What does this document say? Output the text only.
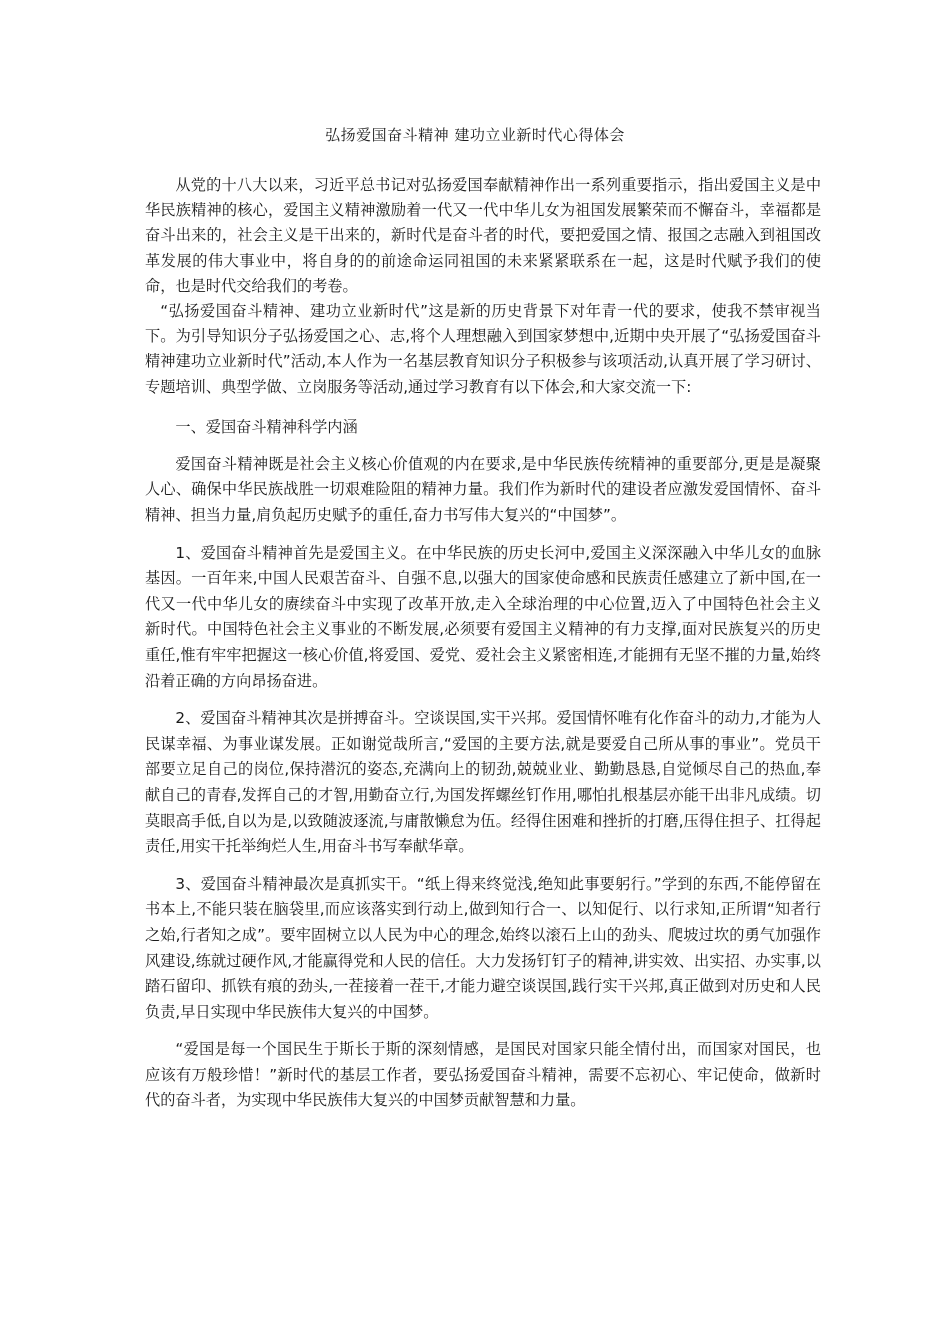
弘扬爱国奋斗精神 建功立业新时代心得体会

从党的十八大以来，习近平总书记对弘扬爱国奉献精神作出一系列重要指示，指出爱国主义是中华民族精神的核心，爱国主义精神激励着一代又一代中华儿女为祖国发展繁荣而不懈奋斗，幸福都是奋斗出来的，社会主义是干出来的，新时代是奋斗者的时代，要把爱国之情、报国之志融入到祖国改革发展的伟大事业中，将自身的的前途命运同祖国的未来紧紧联系在一起，这是时代赋予我们的使命，也是时代交给我们的考卷。

“弘扬爱国奋斗精神、建功立业新时代”这是新的历史背景下对年青一代的要求，使我不禁审视当下。为引导知识分子弘扬爱国之心、志,将个人理想融入到国家梦想中,近期中央开展了“弘扬爱国奋斗精神建功立业新时代”活动,本人作为一名基层教育知识分子积极参与该项活动,认真开展了学习研讨、专题培训、典型学做、立岗服务等活动,通过学习教育有以下体会,和大家交流一下:

一、爱国奋斗精神科学内涵

爱国奋斗精神既是社会主义核心价值观的内在要求,是中华民族传统精神的重要部分,更是是凝聚人心、确保中华民族战胜一切艰难险阻的精神力量。我们作为新时代的建设者应激发爱国情怀、奋斗精神、担当力量,肩负起历史赋予的重任,奋力书写伟大复兴的“中国梦”。

1、爱国奋斗精神首先是爱国主义。在中华民族的历史长河中,爱国主义深深融入中华儿女的血脉基因。一百年来,中国人民艰苦奋斗、自强不息,以强大的国家使命感和民族责任感建立了新中国,在一代又一代中华儿女的赓续奋斗中实现了改革开放,走入全球治理的中心位置,迈入了中国特色社会主义新时代。中国特色社会主义事业的不断发展,必须要有爱国主义精神的有力支撑,面对民族复兴的历史重任,惟有牢牢把握这一核心价值,将爱国、爱党、爱社会主义紧密相连,才能拥有无坚不摧的力量,始终沿着正确的方向昂扬奋进。

2、爱国奋斗精神其次是拼搏奋斗。空谈误国,实干兴邦。爱国情怀唯有化作奋斗的动力,才能为人民谋幸福、为事业谋发展。正如谢觉哉所言,“爱国的主要方法,就是要爱自己所从事的事业”。党员干部要立足自己的岗位,保持潜沉的姿态,充满向上的韧劲,兢兢业业、勤勤恳恳,自觉倾尽自己的热血,奉献自己的青春,发挥自己的才智,用勤奋立行,为国发挥螺丝钉作用,哪怕扎根基层亦能干出非凡成绩。切莫眼高手低,自以为是,以致随波逐流,与庸散懒怠为伍。经得住困难和挫折的打磨,压得住担子、扛得起责任,用实干托举绚烂人生,用奋斗书写奉献华章。

3、爱国奋斗精神最次是真抓实干。“纸上得来终觉浅,绝知此事要躬行。”学到的东西,不能停留在书本上,不能只装在脑袋里,而应该落实到行动上,做到知行合一、以知促行、以行求知,正所谓“知者行之始,行者知之成”。要牢固树立以人民为中心的理念,始终以滚石上山的劲头、爬坡过坎的勇气加强作风建设,练就过硬作风,才能赢得党和人民的信任。大力发扬钉钉子的精神,讲实效、出实招、办实事,以踏石留印、抓铁有痕的劲头,一茬接着一茬干,才能力避空谈误国,践行实干兴邦,真正做到对历史和人民负责,早日实现中华民族伟大复兴的中国梦。

“爱国是每一个国民生于斯长于斯的深刻情感，是国民对国家只能全情付出，而国家对国民，也应该有万般珍惜！”新时代的基层工作者，要弘扬爱国奋斗精神，需要不忘初心、牢记使命，做新时代的奋斗者，为实现中华民族伟大复兴的中国梦贡献智慧和力量。
